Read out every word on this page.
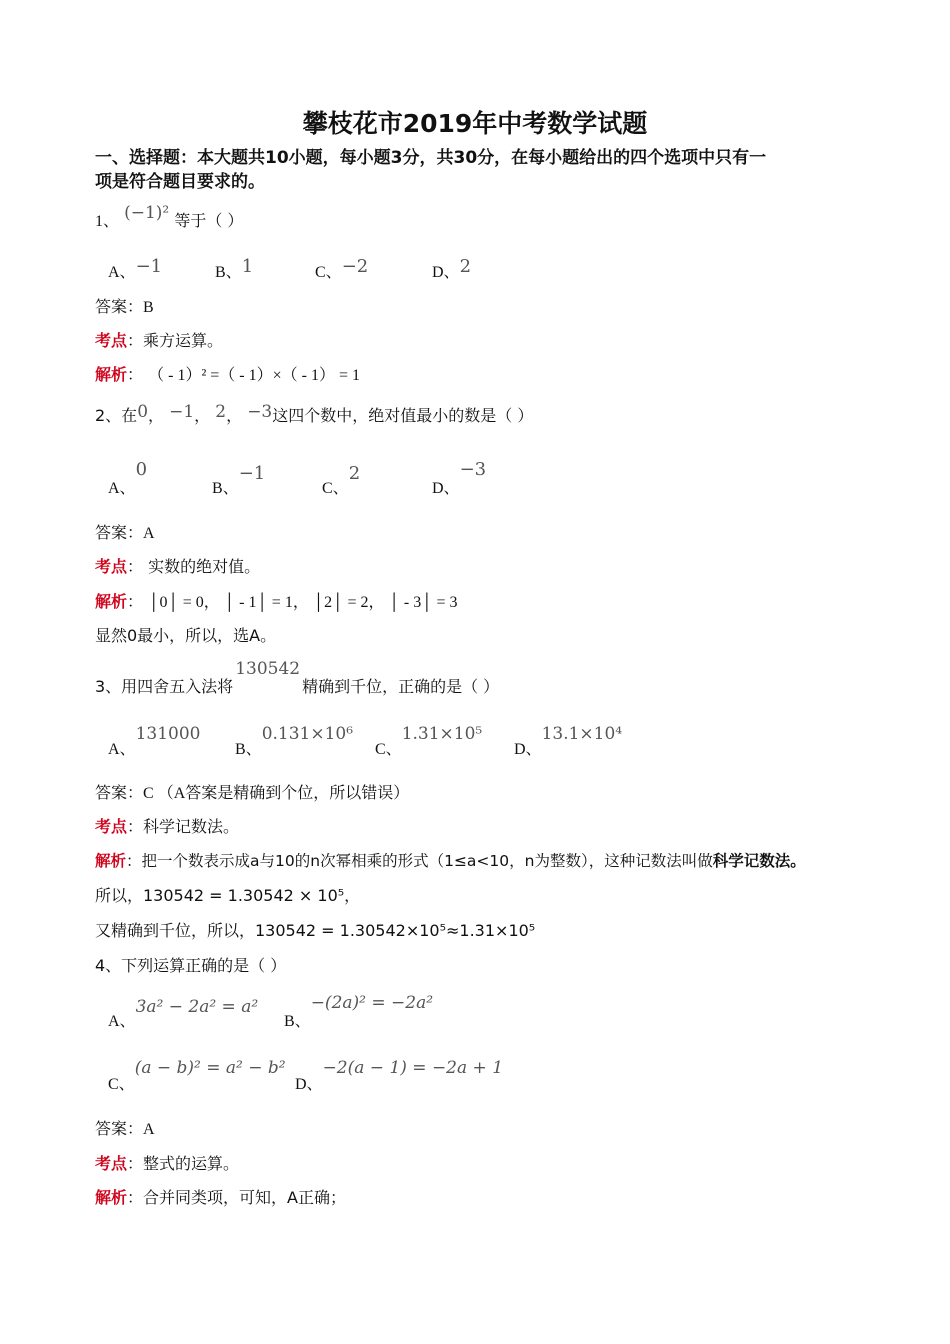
攀枝花市2019年中考数学试题
一、选择题：本大题共10小题，每小题3分，共30分，在每小题给出的四个选项中只有一
项是符合题目要求的。
1、 (−1)² 等于（ ）
A、−1	B、1	C、−2	D、2
答案：B
考点：乘方运算。
解析： （ - 1）² =（ - 1）×（ - 1） = 1
2、在0， −1， 2， −3这四个数中，绝对值最小的数是（ ）
A、0
B、−1
C、2
D、−3
答案：A
考点： 实数的绝对值。
解析： │0│ = 0， │ - 1│ = 1， │2│ = 2， │ - 3│ = 3
显然0最小，所以，选A。
3、用四舍五入法将130542精确到千位，正确的是（ ）
A、131000
B、0.131×10⁶
C、1.31×10⁵
D、13.1×10⁴
答案：C （A答案是精确到个位，所以错误）
考点：科学记数法。
解析：把一个数表示成a与10的n次幂相乘的形式（1≤a<10，n为整数），这种记数法叫做科学记数法。
所以，130542 = 1.30542 × 10⁵，
又精确到千位，所以，130542 = 1.30542×10⁵≈1.31×10⁵
4、下列运算正确的是（ ）
A、3a² − 2a² = a²
B、−(2a)² = −2a²
C、(a − b)² = a² − b²
D、−2(a − 1) = −2a + 1
答案：A
考点：整式的运算。
解析：合并同类项，可知，A正确；
